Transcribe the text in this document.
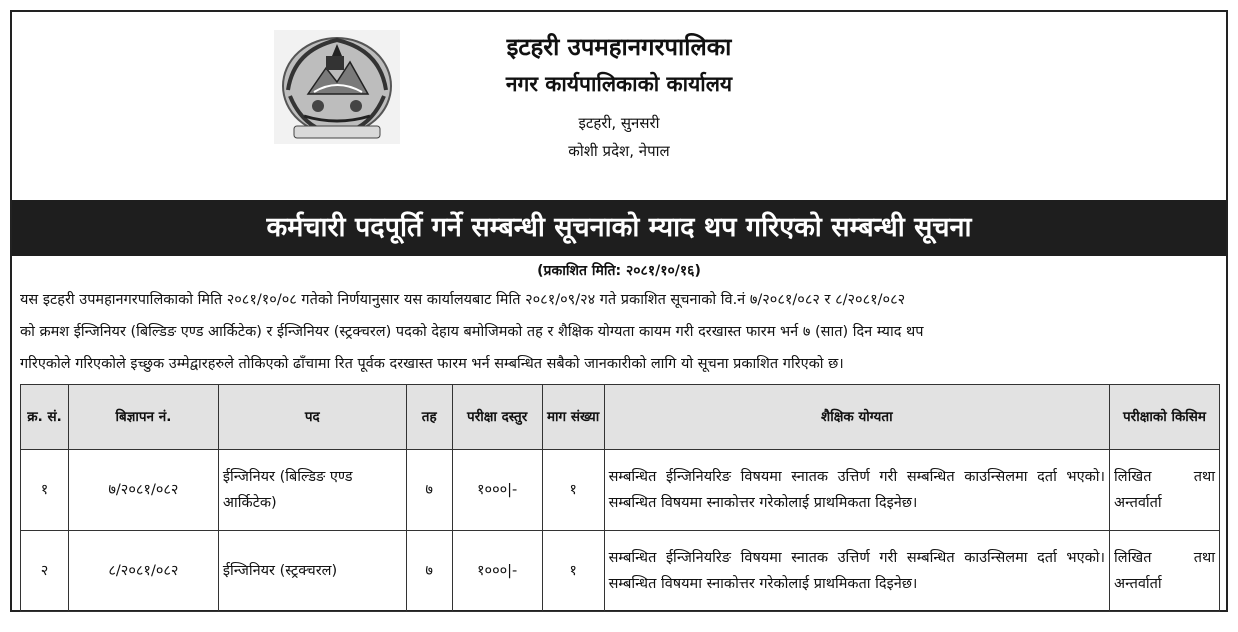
इटहरी उपमहानगरपालिका
नगर कार्यपालिकाको कार्यालय
इटहरी, सुनसरी
कोशी प्रदेश, नेपाल
कर्मचारी पदपूर्ति गर्ने सम्बन्धी सूचनाको म्याद थप गरिएको सम्बन्धी सूचना
(प्रकाशित मिति: २०८१/१०/१६)
यस इटहरी उपमहानगरपालिकाको मिति २०८१/१०/०८ गतेको निर्णयानुसार यस कार्यालयबाट मिति २०८१/०९/२४ गते प्रकाशित सूचनाको वि.नं ७/२०८१/०८२ र ८/२०८१/०८२
को क्रमश ईन्जिनियर (बिल्डिङ एण्ड आर्किटेक) र ईन्जिनियर (स्ट्रक्चरल) पदको देहाय बमोजिमको तह र शैक्षिक योग्यता कायम गरी दरखास्त फारम भर्न ७ (सात) दिन म्याद थप
गरिएकोले गरिएकोले इच्छुक उम्मेद्वारहरुले तोकिएको ढाँचामा रित पूर्वक दरखास्त फारम भर्न सम्बन्धित सबैको जानकारीको लागि यो सूचना प्रकाशित गरिएको छ।
क्र. सं.	बिज्ञापन नं.	पद	तह	परीक्षा दस्तुर	माग संख्या	शैक्षिक योग्यता	परीक्षाको किसिम
१	७/२०८१/०८२	ईन्जिनियर (बिल्डिङ एण्ड आर्किटेक)	७	१०००|-	१	सम्बन्धित ईन्जिनियरिङ विषयमा स्नातक उत्तिर्ण गरी सम्बन्धित काउन्सिलमा दर्ता भएको। सम्बन्धित विषयमा स्नाकोत्तर गरेकोलाई प्राथमिकता दिइनेछ।	लिखित तथा अन्तर्वार्ता
२	८/२०८१/०८२	ईन्जिनियर (स्ट्रक्चरल)	७	१०००|-	१	सम्बन्धित ईन्जिनियरिङ विषयमा स्नातक उत्तिर्ण गरी सम्बन्धित काउन्सिलमा दर्ता भएको। सम्बन्धित विषयमा स्नाकोत्तर गरेकोलाई प्राथमिकता दिइनेछ।	लिखित तथा अन्तर्वार्ता
